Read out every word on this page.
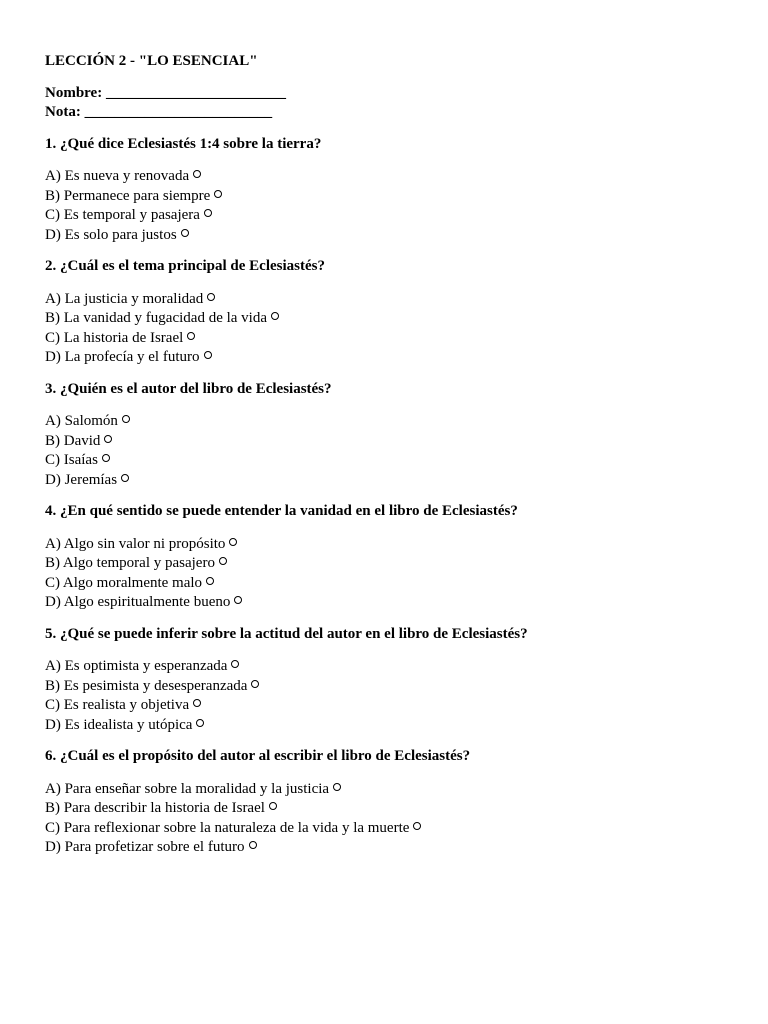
LECCIÓN 2 - "LO ESENCIAL"
Nombre: ________________________
Nota: _________________________
1. ¿Qué dice Eclesiastés 1:4 sobre la tierra?
A) Es nueva y renovada
B) Permanece para siempre
C) Es temporal y pasajera
D) Es solo para justos
2. ¿Cuál es el tema principal de Eclesiastés?
A) La justicia y moralidad
B) La vanidad y fugacidad de la vida
C) La historia de Israel
D) La profecía y el futuro
3. ¿Quién es el autor del libro de Eclesiastés?
A) Salomón
B) David
C) Isaías
D) Jeremías
4. ¿En qué sentido se puede entender la vanidad en el libro de Eclesiastés?
A) Algo sin valor ni propósito
B) Algo temporal y pasajero
C) Algo moralmente malo
D) Algo espiritualmente bueno
5. ¿Qué se puede inferir sobre la actitud del autor en el libro de Eclesiastés?
A) Es optimista y esperanzada
B) Es pesimista y desesperanzada
C) Es realista y objetiva
D) Es idealista y utópica
6. ¿Cuál es el propósito del autor al escribir el libro de Eclesiastés?
A) Para enseñar sobre la moralidad y la justicia
B) Para describir la historia de Israel
C) Para reflexionar sobre la naturaleza de la vida y la muerte
D) Para profetizar sobre el futuro
